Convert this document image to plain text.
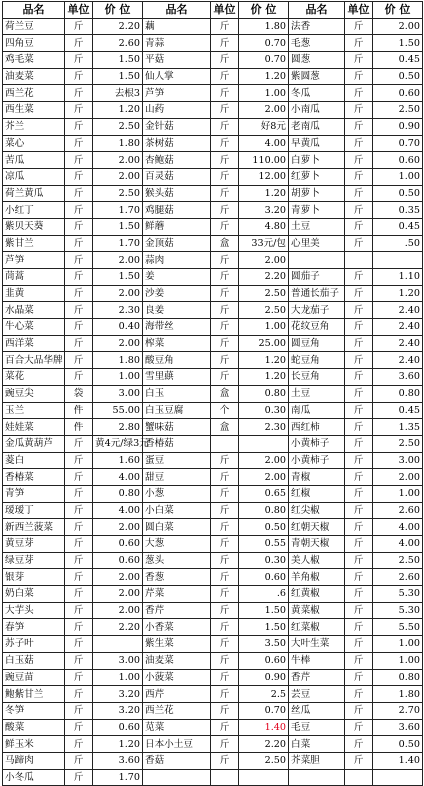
品名	单位	价 位	品名	单位	价 位	品名	单位	价 位
荷兰豆	斤	2.20	藕	斤	1.80	法香	斤	2.00
四角豆	斤	2.60	青蒜	斤	0.70	毛葱	斤	1.50
鸡毛菜	斤	1.50	平菇	斤	0.70	圆葱	斤	0.45
油麦菜	斤	1.50	仙人掌	斤	1.20	紫圆葱	斤	0.50
西兰花	斤	去根3	芦笋	斤	1.00	冬瓜	斤	0.60
西生菜	斤	1.20	山药	斤	2.00	小南瓜	斤	2.50
芥兰	斤	2.50	金针菇	斤	好8元	老南瓜	斤	0.90
菜心	斤	1.80	茶树菇	斤	4.00	早黄瓜	斤	0.70
苦瓜	斤	2.00	杏鲍菇	斤	110.00	白萝卜	斤	0.60
凉瓜	斤	2.00	百灵菇	斤	12.00	红萝卜	斤	1.00
荷兰黄瓜	斤	2.50	猴头菇	斤	1.20	胡萝卜	斤	0.50
小红丁	斤	1.70	鸡腿菇	斤	3.20	青萝卜	斤	0.35
紫贝天葵	斤	1.50	鲜蘑	斤	4.80	土豆	斤	0.45
紫甘兰	斤	1.70	金顶菇	盒	33元/包	心里美	斤	.50
芦笋	斤	2.00	蒜肉	斤	2.00			
茼蒿	斤	1.50	姜	斤	2.20	圆茄子	斤	1.10
韭黄	斤	2.00	沙姜	斤	2.50	普通长茄子	斤	1.20
水晶菜	斤	2.30	良姜	斤	2.50	大龙茄子	斤	2.40
牛心菜	斤	0.40	海带丝	斤	1.00	花纹豆角	斤	2.40
西洋菜	斤	2.00	榨菜	斤	25.00	圆豆角	斤	2.40
百合大品华牌	斤	1.80	酸豆角	斤	1.20	蛇豆角	斤	2.40
菜花	斤	1.00	雪里蕻	斤	1.20	长豆角	斤	3.60
豌豆尖	袋	3.00	白玉	盒	0.80	土豆	斤	0.80
玉兰	件	55.00	白玉豆腐	个	0.30	南瓜	斤	0.45
娃娃菜	件	2.80	蟹味菇	盒	2.30	西红柿	斤	1.35
金瓜黄葫芦	斤	黄4元/绿3元	香椿菇			小黄柿子	斤	2.50
菱白	斤	1.60	蛋豆	斤	2.00	小黄柿子	斤	3.00
香椿菜	斤	4.00	甜豆	斤	2.00	青椒	斤	2.00
青笋	斤	0.80	小葱	斤	0.65	红椒	斤	1.00
瑷瑷丁	斤	4.00	小白菜	斤	0.80	红尖椒	斤	2.60
新西兰菠菜	斤	2.00	圆白菜	斤	0.50	红朝天椒	斤	4.00
黄豆芽	斤	0.60	大葱	斤	0.55	青朝天椒	斤	4.00
绿豆芽	斤	0.60	葱头	斤	0.30	美人椒	斤	2.50
银芽	斤	2.00	香葱	斤	0.60	羊角椒	斤	2.60
奶白菜	斤	2.00	芹菜	斤	.6	红黄椒	斤	5.30
大芋头	斤	2.00	香芹	斤	1.50	黄菜椒	斤	5.30
春笋	斤	2.20	小香菜	斤	1.50	红菜椒	斤	5.50
苏子叶	斤		紫生菜	斤	3.50	大叶生菜	斤	1.00
白玉菇	斤	3.00	油麦菜	斤	0.60	牛棒	斤	1.00
豌豆苗	斤	1.00	小菠菜	斤	0.90	香芹	斤	0.80
鲍紫甘兰	斤	3.20	西芹	斤	2.5	芸豆	斤	1.80
冬笋	斤	3.20	西兰花	斤	0.70	丝瓜	斤	2.70
酸菜	斤	0.60	苋菜	斤	1.40	毛豆	斤	3.60
鲜玉米	斤	1.20	日本小土豆	斤	2.20	白菜	斤	0.50
马蹄肉	斤	3.60	香菇	斤	2.50	芥菜胆	斤	1.40
小冬瓜	斤	1.70						
